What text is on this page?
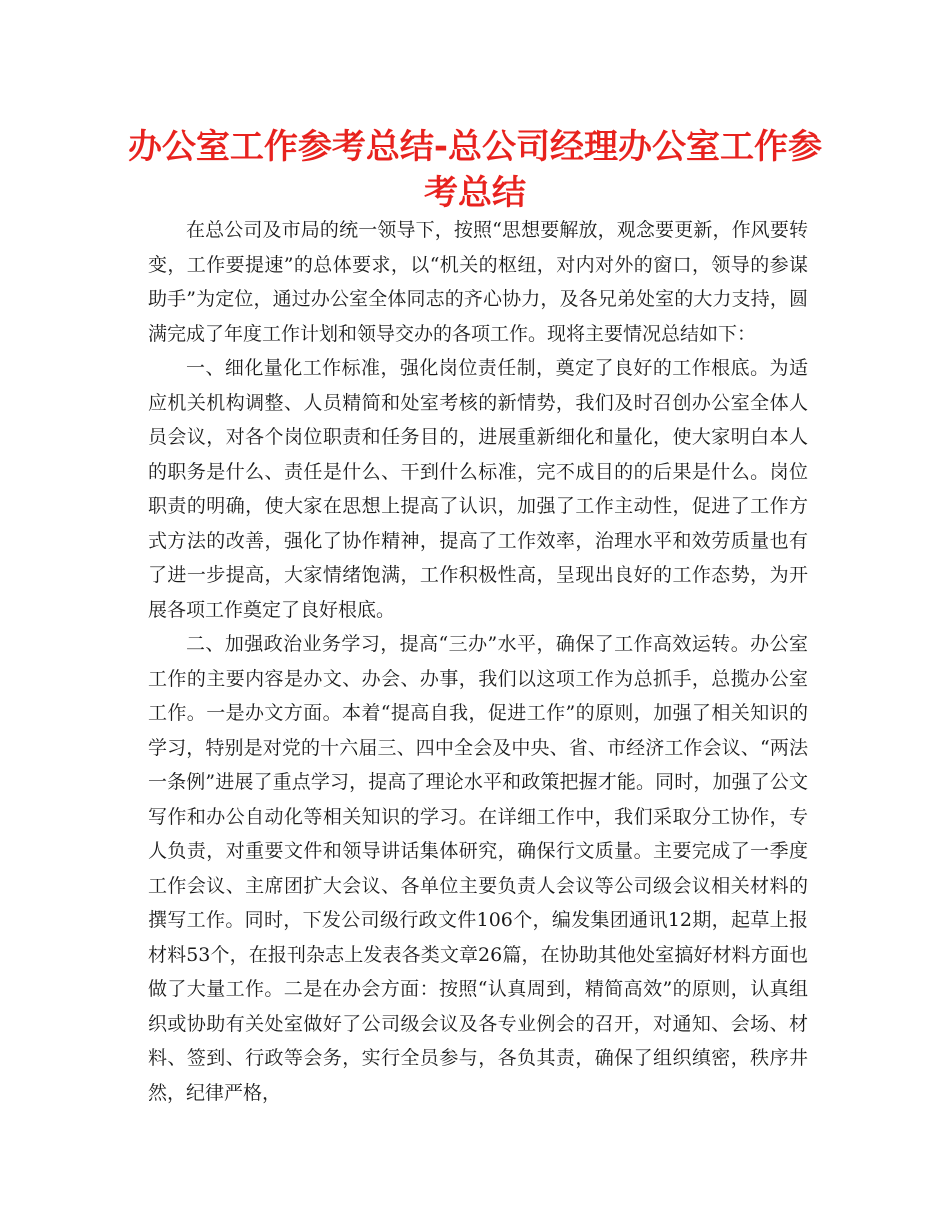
办公室工作参考总结-总公司经理办公室工作参考总结

在总公司及市局的统一领导下，按照“思想要解放，观念要更新，作风要转变，工作要提速”的总体要求，以“机关的枢纽，对内对外的窗口，领导的参谋助手”为定位，通过办公室全体同志的齐心协力，及各兄弟处室的大力支持，圆满完成了年度工作计划和领导交办的各项工作。现将主要情况总结如下：

一、细化量化工作标准，强化岗位责任制，奠定了良好的工作根底。为适应机关机构调整、人员精简和处室考核的新情势，我们及时召创办公室全体人员会议，对各个岗位职责和任务目的，进展重新细化和量化，使大家明白本人的职务是什么、责任是什么、干到什么标准，完不成目的的后果是什么。岗位职责的明确，使大家在思想上提高了认识，加强了工作主动性，促进了工作方式方法的改善，强化了协作精神，提高了工作效率，治理水平和效劳质量也有了进一步提高，大家情绪饱满，工作积极性高，呈现出良好的工作态势，为开展各项工作奠定了良好根底。

二、加强政治业务学习，提高“三办”水平，确保了工作高效运转。办公室工作的主要内容是办文、办会、办事，我们以这项工作为总抓手，总揽办公室工作。一是办文方面。本着“提高自我，促进工作”的原则，加强了相关知识的学习，特别是对党的十六届三、四中全会及中央、省、市经济工作会议、“两法一条例”进展了重点学习，提高了理论水平和政策把握才能。同时，加强了公文写作和办公自动化等相关知识的学习。在详细工作中，我们采取分工协作，专人负责，对重要文件和领导讲话集体研究，确保行文质量。主要完成了一季度工作会议、主席团扩大会议、各单位主要负责人会议等公司级会议相关材料的撰写工作。同时，下发公司级行政文件106个，编发集团通讯12期，起草上报材料53个，在报刊杂志上发表各类文章26篇，在协助其他处室搞好材料方面也做了大量工作。二是在办会方面：按照“认真周到，精简高效”的原则，认真组织或协助有关处室做好了公司级会议及各专业例会的召开，对通知、会场、材料、签到、行政等会务，实行全员参与，各负其责，确保了组织缜密，秩序井然，纪律严格，
